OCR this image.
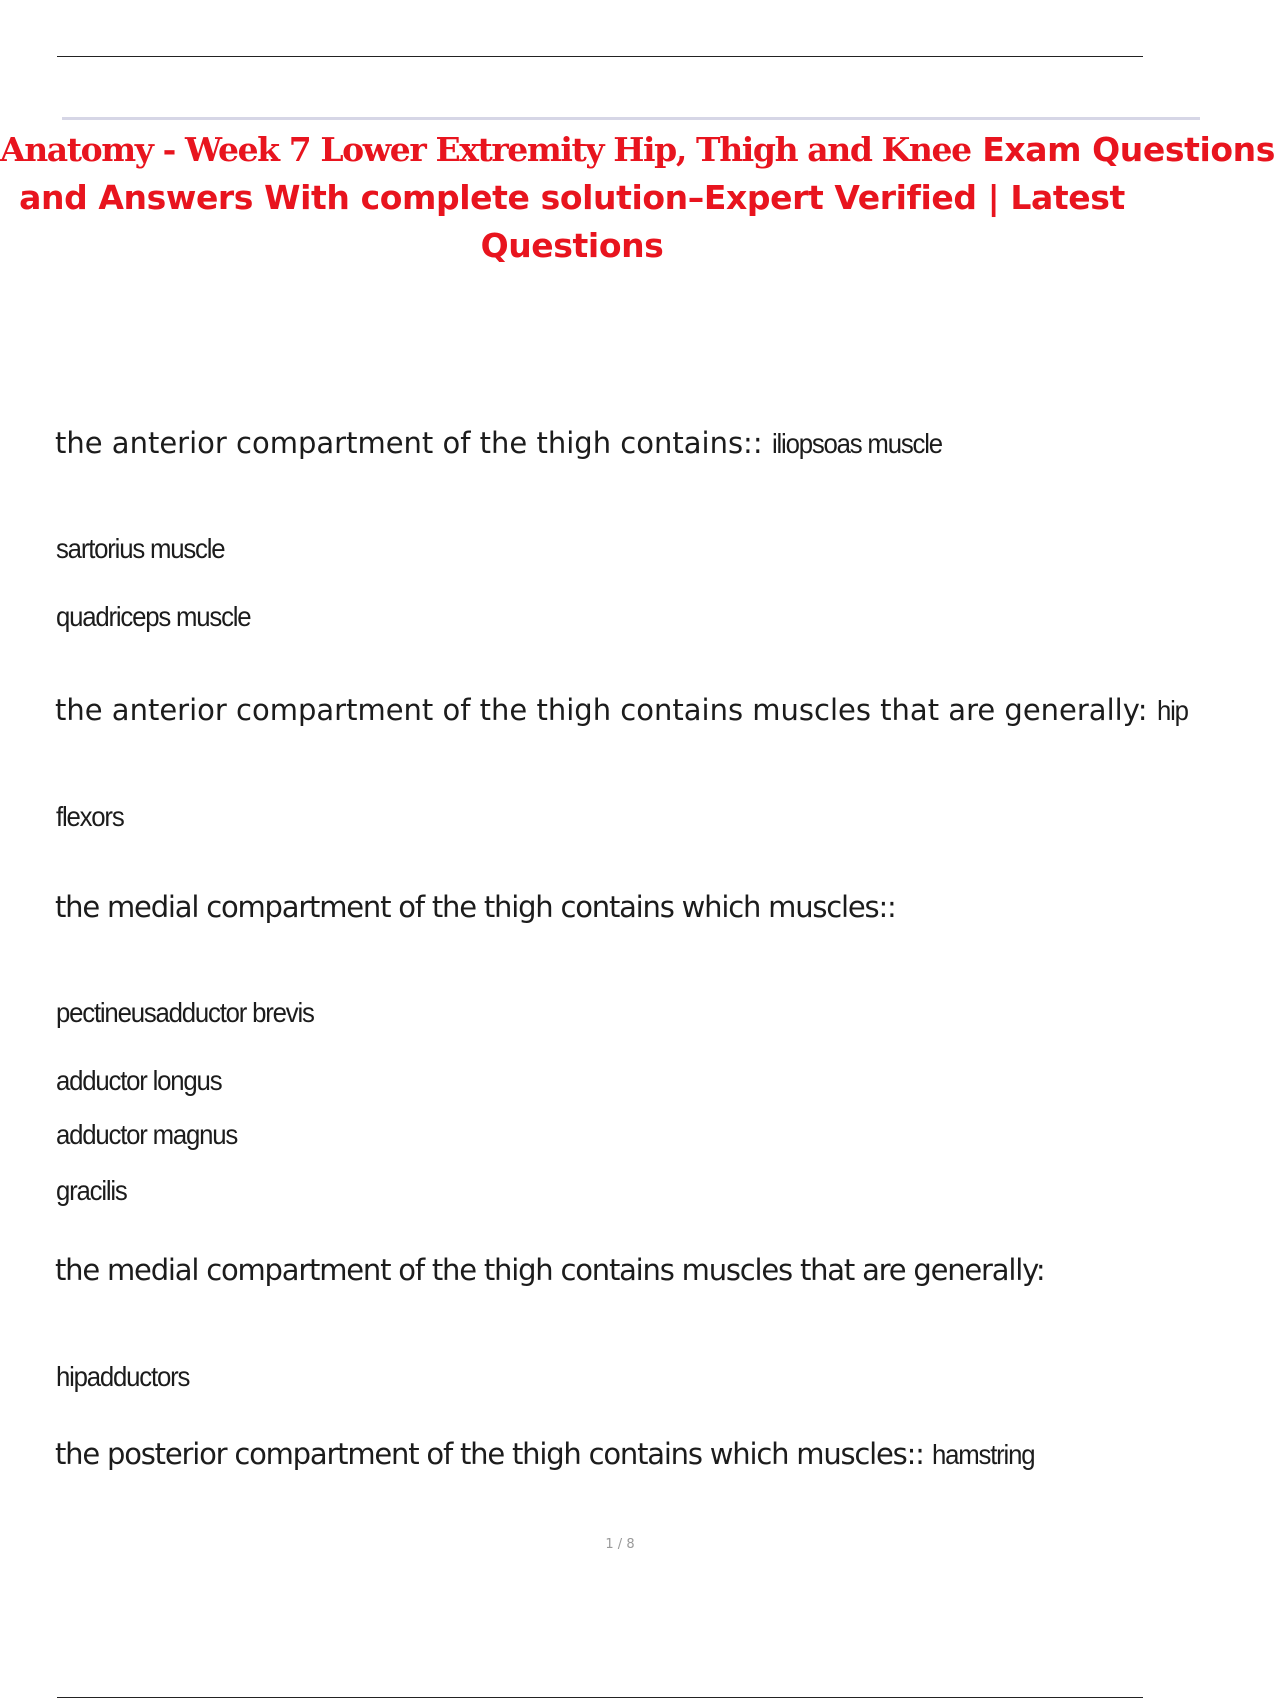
Anatomy - Week 7 Lower Extremity Hip, Thigh and Knee Exam Questions
and Answers With complete solution–Expert Verified | Latest
Questions
the anterior compartment of the thigh contains:: iliopsoas muscle
sartorius muscle
quadriceps muscle
the anterior compartment of the thigh contains muscles that are generally: hip
flexors
the medial compartment of the thigh contains which muscles::
pectineusadductor brevis
adductor longus
adductor magnus
gracilis
the medial compartment of the thigh contains muscles that are generally:
hipadductors
the posterior compartment of the thigh contains which muscles:: hamstring
1 / 8
